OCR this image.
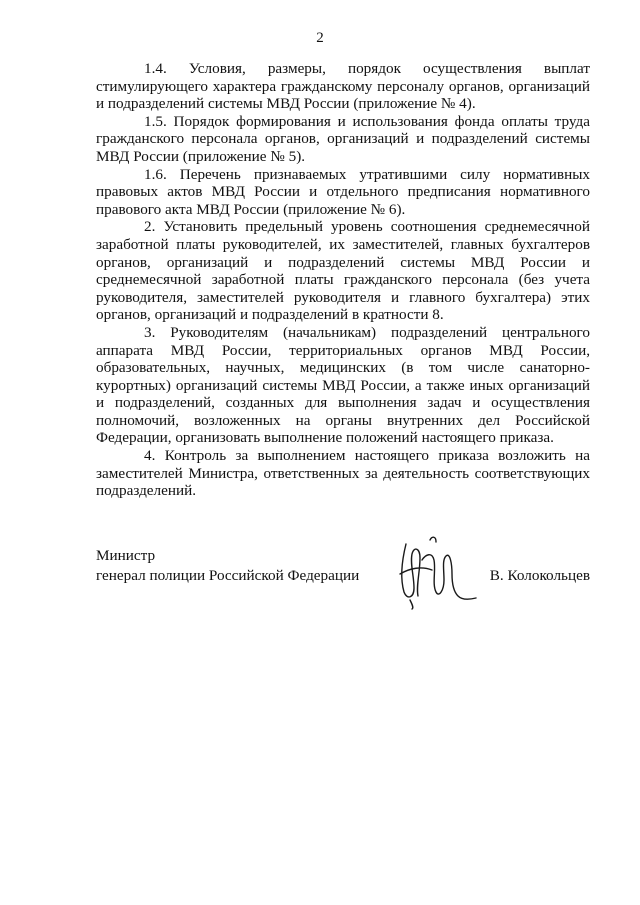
2

1.4. Условия, размеры, порядок осуществления выплат стимулирующего характера гражданскому персоналу органов, организаций и подразделений системы МВД России (приложение № 4).

1.5. Порядок формирования и использования фонда оплаты труда гражданского персонала органов, организаций и подразделений системы МВД России (приложение № 5).

1.6. Перечень признаваемых утратившими силу нормативных правовых актов МВД России и отдельного предписания нормативного правового акта МВД России (приложение № 6).

2. Установить предельный уровень соотношения среднемесячной заработной платы руководителей, их заместителей, главных бухгалтеров органов, организаций и подразделений системы МВД России и среднемесячной заработной платы гражданского персонала (без учета руководителя, заместителей руководителя и главного бухгалтера) этих органов, организаций и подразделений в кратности 8.

3. Руководителям (начальникам) подразделений центрального аппарата МВД России, территориальных органов МВД России, образовательных, научных, медицинских (в том числе санаторно-курортных) организаций системы МВД России, а также иных организаций и подразделений, созданных для выполнения задач и осуществления полномочий, возложенных на органы внутренних дел Российской Федерации, организовать выполнение положений настоящего приказа.

4. Контроль за выполнением настоящего приказа возложить на заместителей Министра, ответственных за деятельность соответствующих подразделений.

Министр
генерал полиции Российской Федерации	В. Колокольцев
